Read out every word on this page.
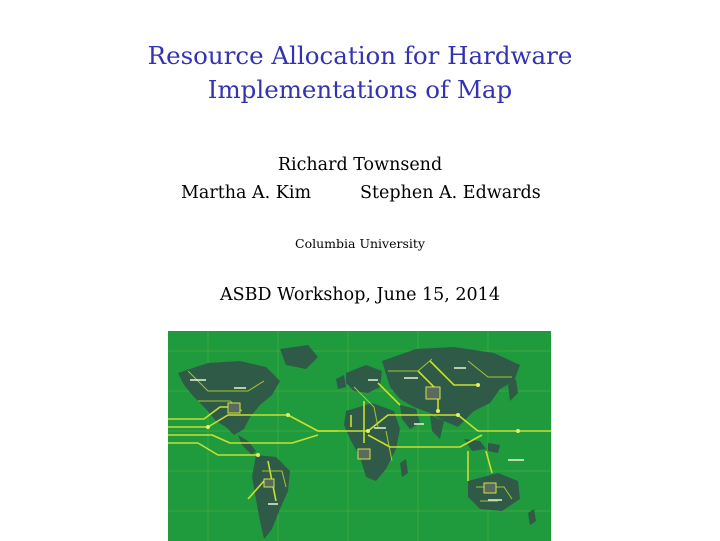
Resource Allocation for Hardware
Implementations of Map
Richard Townsend
Martha A. Kim	Stephen A. Edwards
Columbia University
ASBD Workshop, June 15, 2014
